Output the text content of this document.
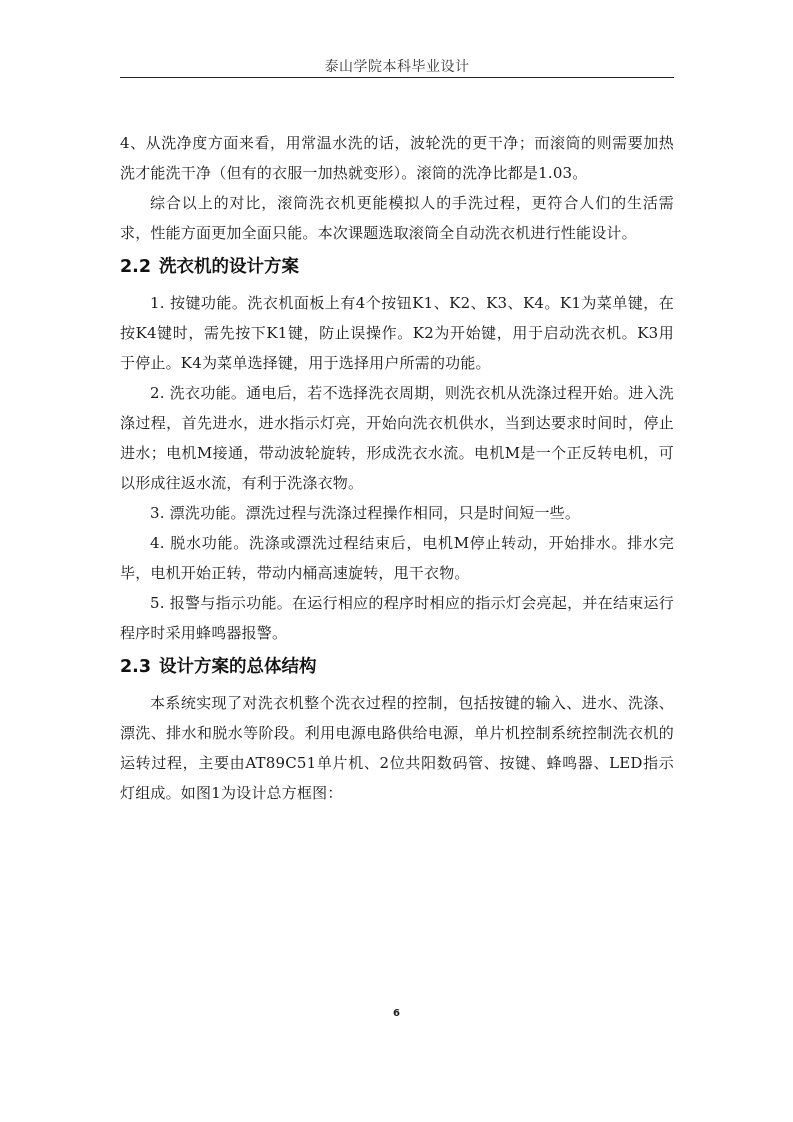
泰山学院本科毕业设计

4、从洗净度方面来看，用常温水洗的话，波轮洗的更干净；而滚筒的则需要加热洗才能洗干净（但有的衣服一加热就变形）。滚筒的洗净比都是1.03。

综合以上的对比，滚筒洗衣机更能模拟人的手洗过程，更符合人们的生活需求，性能方面更加全面只能。本次课题选取滚筒全自动洗衣机进行性能设计。

2.2 洗衣机的设计方案

1. 按键功能。洗衣机面板上有4个按钮K1、K2、K3、K4。K1为菜单键，在按K4键时，需先按下K1键，防止误操作。K2为开始键，用于启动洗衣机。K3用于停止。K4为菜单选择键，用于选择用户所需的功能。

2. 洗衣功能。通电后，若不选择洗衣周期，则洗衣机从洗涤过程开始。进入洗涤过程，首先进水，进水指示灯亮，开始向洗衣机供水，当到达要求时间时，停止进水；电机M接通，带动波轮旋转，形成洗衣水流。电机M是一个正反转电机，可以形成往返水流，有利于洗涤衣物。

3. 漂洗功能。漂洗过程与洗涤过程操作相同，只是时间短一些。

4. 脱水功能。洗涤或漂洗过程结束后，电机M停止转动，开始排水。排水完毕，电机开始正转，带动内桶高速旋转，甩干衣物。

5. 报警与指示功能。在运行相应的程序时相应的指示灯会亮起，并在结束运行程序时采用蜂鸣器报警。

2.3 设计方案的总体结构

本系统实现了对洗衣机整个洗衣过程的控制，包括按键的输入、进水、洗涤、漂洗、排水和脱水等阶段。利用电源电路供给电源，单片机控制系统控制洗衣机的运转过程，主要由AT89C51单片机、2位共阳数码管、按键、蜂鸣器、LED指示灯组成。如图1为设计总方框图：

6
